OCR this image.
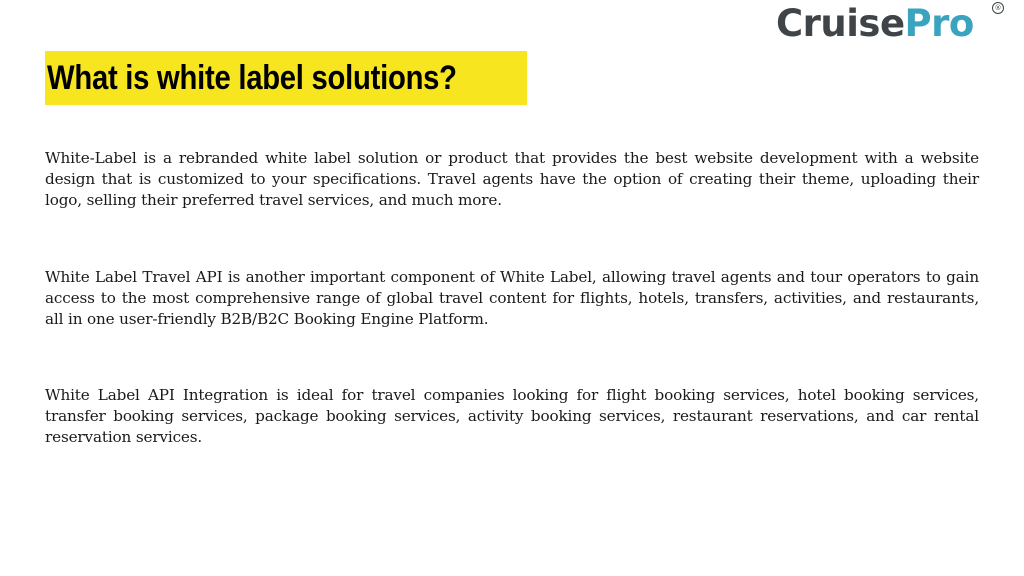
CruisePro	®
What is white label solutions?

White-Label is a rebranded white label solution or product that provides the best website development with a website design that is customized to your specifications. Travel agents have the option of creating their theme, uploading their logo, selling their preferred travel services, and much more.

White Label Travel API is another important component of White Label, allowing travel agents and tour operators to gain access to the most comprehensive range of global travel content for flights, hotels, transfers, activities, and restaurants, all in one user-friendly B2B/B2C Booking Engine Platform.

White Label API Integration is ideal for travel companies looking for flight booking services, hotel booking services, transfer booking services, package booking services, activity booking services, restaurant reservations, and car rental reservation services.
